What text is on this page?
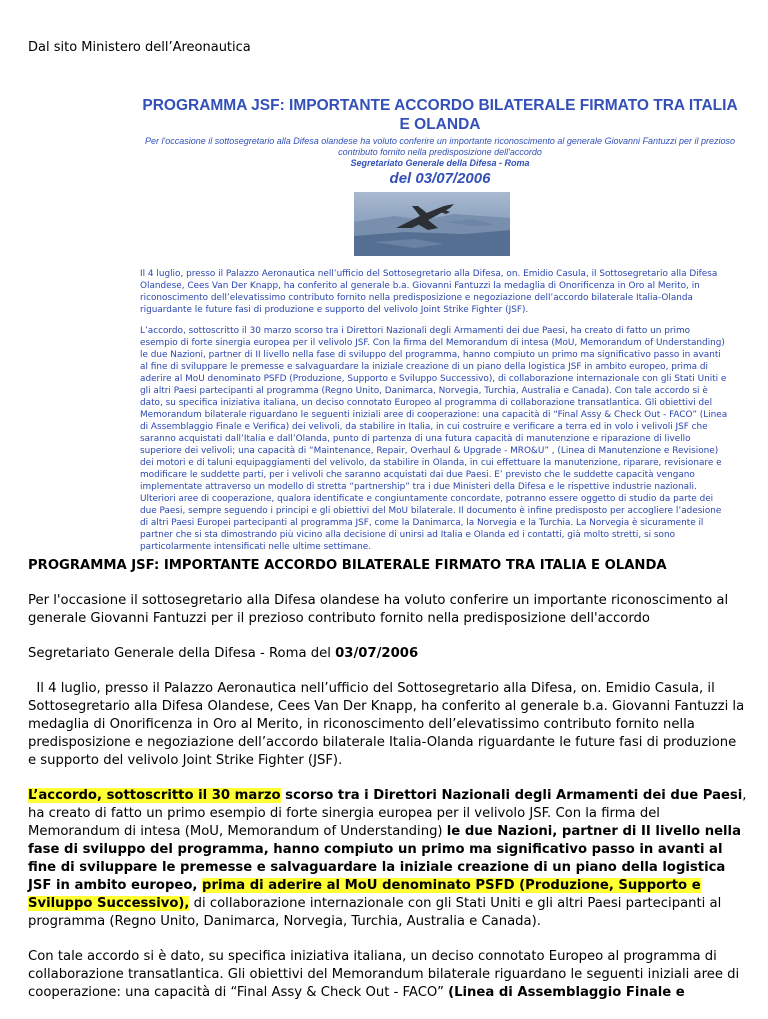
Dal sito Ministero dell’Areonautica

PROGRAMMA JSF: IMPORTANTE ACCORDO BILATERALE FIRMATO TRA ITALIA E OLANDA

Per l'occasione il sottosegretario alla Difesa olandese ha voluto conferire un importante riconoscimento al generale Giovanni Fantuzzi per il prezioso contributo fornito nella predisposizione dell'accordo

Segretariato Generale della Difesa - Roma

del 03/07/2006

Il 4 luglio, presso il Palazzo Aeronautica nell’ufficio del Sottosegretario alla Difesa, on. Emidio Casula, il Sottosegretario alla Difesa Olandese, Cees Van Der Knapp, ha conferito al generale b.a. Giovanni Fantuzzi la medaglia di Onorificenza in Oro al Merito, in riconoscimento dell’elevatissimo contributo fornito nella predisposizione e negoziazione dell’accordo bilaterale Italia-Olanda riguardante le future fasi di produzione e supporto del velivolo Joint Strike Fighter (JSF).

L’accordo, sottoscritto il 30 marzo scorso tra i Direttori Nazionali degli Armamenti dei due Paesi, ha creato di fatto un primo esempio di forte sinergia europea per il velivolo JSF. Con la firma del Memorandum di intesa (MoU, Memorandum of Understanding) le due Nazioni, partner di II livello nella fase di sviluppo del programma, hanno compiuto un primo ma significativo passo in avanti al fine di sviluppare le premesse e salvaguardare la iniziale creazione di un piano della logistica JSF in ambito europeo, prima di aderire al MoU denominato PSFD (Produzione, Supporto e Sviluppo Successivo), di collaborazione internazionale con gli Stati Uniti e gli altri Paesi partecipanti al programma (Regno Unito, Danimarca, Norvegia, Turchia, Australia e Canada). Con tale accordo si è dato, su specifica iniziativa italiana, un deciso connotato Europeo al programma di collaborazione transatlantica. Gli obiettivi del Memorandum bilaterale riguardano le seguenti iniziali aree di cooperazione: una capacità di “Final Assy & Check Out - FACO” (Linea di Assemblaggio Finale e Verifica) dei velivoli, da stabilire in Italia, in cui costruire e verificare a terra ed in volo i velivoli JSF che saranno acquistati dall’Italia e dall’Olanda, punto di partenza di una futura capacità di manutenzione e riparazione di livello superiore dei velivoli; una capacità di “Maintenance, Repair, Overhaul & Upgrade - MRO&U” , (Linea di Manutenzione e Revisione) dei motori e di taluni equipaggiamenti del velivolo, da stabilire in Olanda, in cui effettuare la manutenzione, riparare, revisionare e modificare le suddette parti, per i velivoli che saranno acquistati dai due Paesi. E’ previsto che le suddette capacità vengano implementate attraverso un modello di stretta “partnership” tra i due Ministeri della Difesa e le rispettive industrie nazionali. Ulteriori aree di cooperazione, qualora identificate e congiuntamente concordate, potranno essere oggetto di studio da parte dei due Paesi, sempre seguendo i principi e gli obiettivi del MoU bilaterale. Il documento è infine predisposto per accogliere l’adesione di altri Paesi Europei partecipanti al programma JSF, come la Danimarca, la Norvegia e la Turchia. La Norvegia è sicuramente il partner che si sta dimostrando più vicino alla decisione di unirsi ad Italia e Olanda ed i contatti, già molto stretti, si sono particolarmente intensificati nelle ultime settimane.

PROGRAMMA JSF: IMPORTANTE ACCORDO BILATERALE FIRMATO TRA ITALIA E OLANDA

Per l'occasione il sottosegretario alla Difesa olandese ha voluto conferire un importante riconoscimento al generale Giovanni Fantuzzi per il prezioso contributo fornito nella predisposizione dell'accordo

Segretariato Generale della Difesa - Roma del 03/07/2006

Il 4 luglio, presso il Palazzo Aeronautica nell’ufficio del Sottosegretario alla Difesa, on. Emidio Casula, il Sottosegretario alla Difesa Olandese, Cees Van Der Knapp, ha conferito al generale b.a. Giovanni Fantuzzi la medaglia di Onorificenza in Oro al Merito, in riconoscimento dell’elevatissimo contributo fornito nella predisposizione e negoziazione dell’accordo bilaterale Italia-Olanda riguardante le future fasi di produzione e supporto del velivolo Joint Strike Fighter (JSF).

L’accordo, sottoscritto il 30 marzo scorso tra i Direttori Nazionali degli Armamenti dei due Paesi, ha creato di fatto un primo esempio di forte sinergia europea per il velivolo JSF. Con la firma del Memorandum di intesa (MoU, Memorandum of Understanding) le due Nazioni, partner di II livello nella fase di sviluppo del programma, hanno compiuto un primo ma significativo passo in avanti al fine di sviluppare le premesse e salvaguardare la iniziale creazione di un piano della logistica JSF in ambito europeo, prima di aderire al MoU denominato PSFD (Produzione, Supporto e Sviluppo Successivo), di collaborazione internazionale con gli Stati Uniti e gli altri Paesi partecipanti al programma (Regno Unito, Danimarca, Norvegia, Turchia, Australia e Canada).

Con tale accordo si è dato, su specifica iniziativa italiana, un deciso connotato Europeo al programma di collaborazione transatlantica. Gli obiettivi del Memorandum bilaterale riguardano le seguenti iniziali aree di cooperazione: una capacità di “Final Assy & Check Out - FACO” (Linea di Assemblaggio Finale e
